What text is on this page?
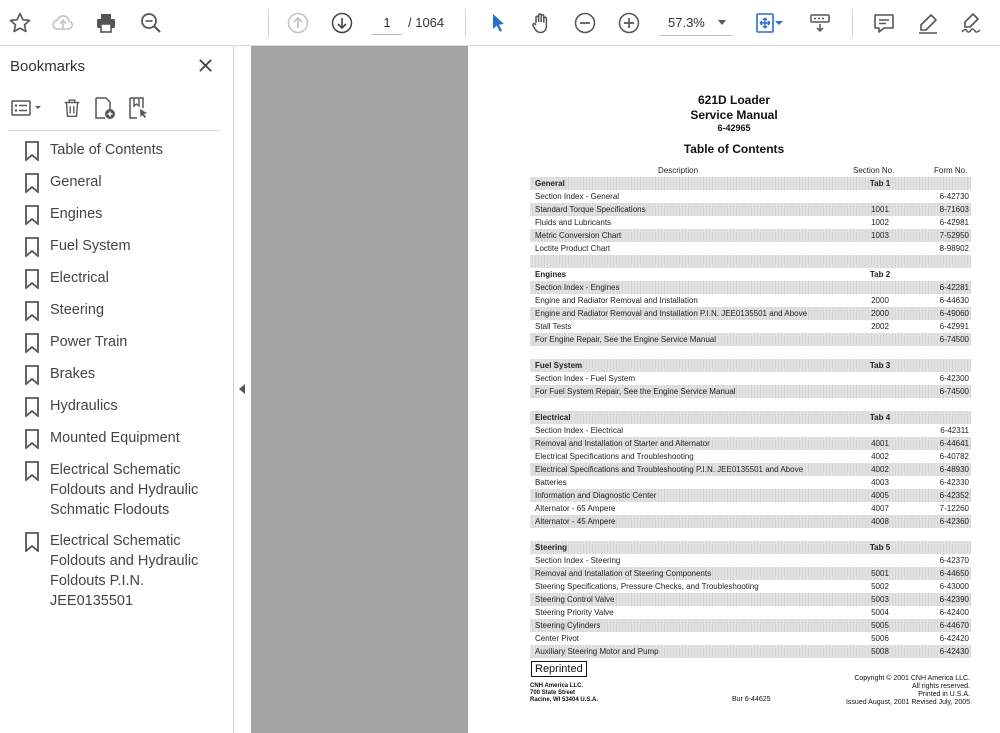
1
/ 1064	57.3%
Bookmarks
Table of Contents
General
Engines
Fuel System
Electrical
Steering
Power Train
Brakes
Hydraulics
Mounted Equipment
Electrical Schematic Foldouts and Hydraulic Schmatic Flodouts
Electrical Schematic Foldouts and Hydraulic Foldouts P.I.N. JEE0135501
621D Loader
Service Manual
6-42965
Table of Contents
Description	Section No.	Form No.
General	Tab 1
Section Index - General	6-42730
Standard Torque Specifications	1001	8-71603
Fluids and Lubricants	1002	6-42981
Metric Conversion Chart	1003	7-52950
Loctite Product Chart	8-98902
Engines	Tab 2
Section Index - Engines	6-42281
Engine and Radiator Removal and Installation	2000	6-44630
Engine and Radiator Removal and Installation P.I.N. JEE0135501 and Above	2000	6-49060
Stall Tests	2002	6-42991
For Engine Repair, See the Engine Service Manual	6-74500
Fuel System	Tab 3
Section Index - Fuel System	6-42300
For Fuel System Repair, See the Engine Service Manual	6-74500
Electrical	Tab 4
Section Index - Electrical	6-42311
Removal and Installation of Starter and Alternator	4001	6-44641
Electrical Specifications and Troubleshooting	4002	6-40782
Electrical Specifications and Troubleshooting P.I.N. JEE0135501 and Above	4002	6-48930
Batteries	4003	6-42330
Information and Diagnostic Center	4005	6-42352
Alternator - 65 Ampere	4007	7-12260
Alternator - 45 Ampere	4008	6-42360
Steering	Tab 5
Section Index - Steering	6-42370
Removal and Installation of Steering Components	5001	6-44650
Steering Specifications, Pressure Checks, and Troubleshooting	5002	6-43000
Steering Control Valve	5003	6-42390
Steering Priority Valve	5004	6-42400
Steering Cylinders	5005	6-44670
Center Pivot	5006	6-42420
Auxiliary Steering Motor and Pump	5008	6-42430
Reprinted
CNH America LLC.
700 State Street
Racine, WI 53404 U.S.A.	Bur 6-44625
Copyright © 2001 CNH America LLC.
All rights reserved.
Printed in U.S.A.
Issued August, 2001 Revised July, 2005
